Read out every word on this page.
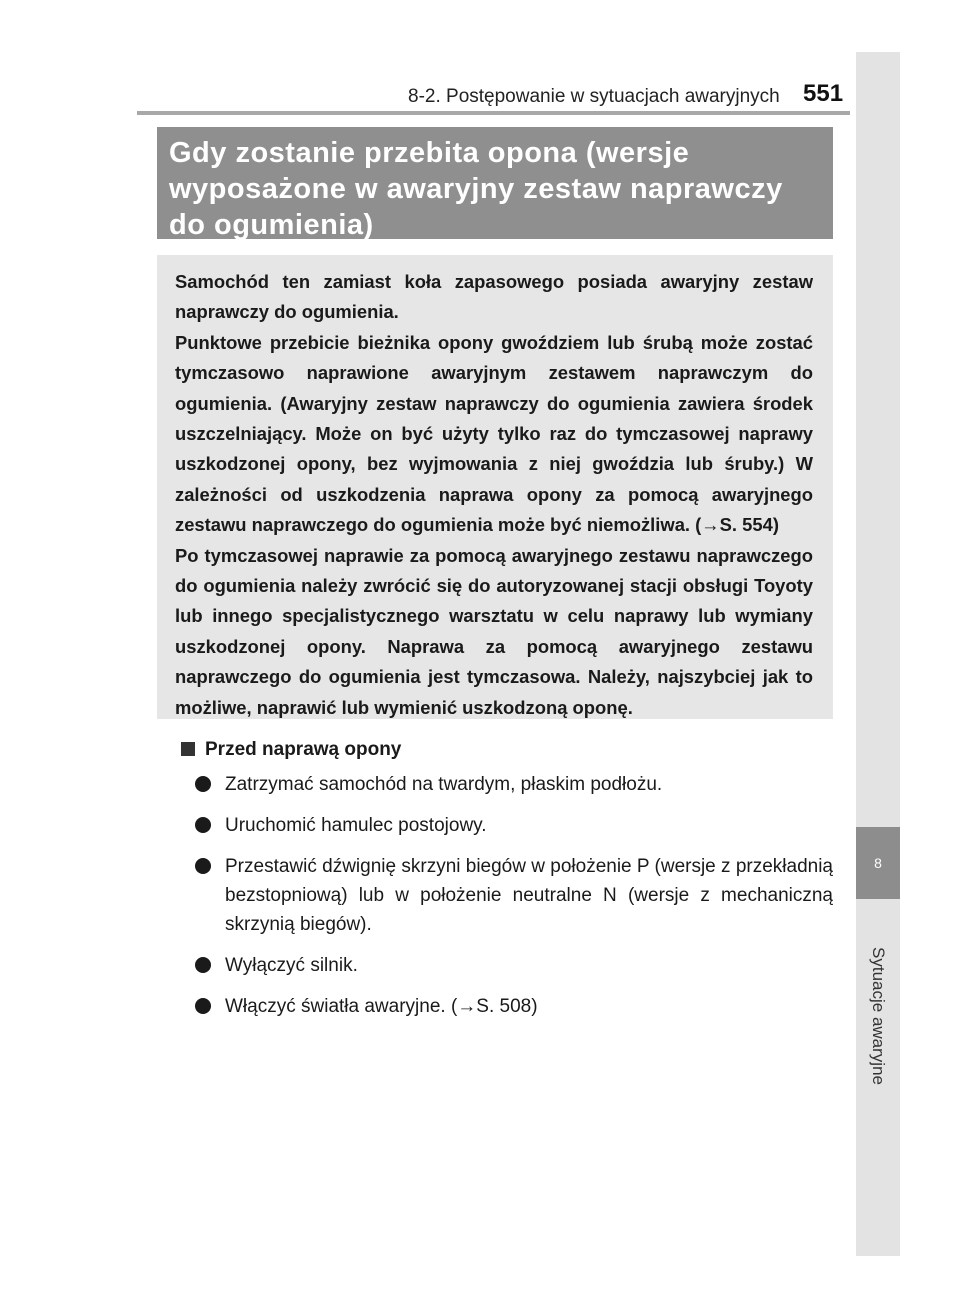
8-2. Postępowanie w sytuacjach awaryjnych 551
8
Sytuacje awaryjne
Gdy zostanie przebita opona (wersje
wyposażone w awaryjny zestaw naprawczy
do ogumienia)

Samochód ten zamiast koła zapasowego posiada awaryjny zestaw naprawczy do ogumienia.

Punktowe przebicie bieżnika opony gwoździem lub śrubą może zostać tymczasowo naprawione awaryjnym zestawem naprawczym do ogumienia. (Awaryjny zestaw naprawczy do ogumienia zawiera środek uszczelniający. Może on być użyty tylko raz do tymczasowej naprawy uszkodzonej opony, bez wyjmowania z niej gwoździa lub śruby.) W zależności od uszkodzenia naprawa opony za pomocą awaryjnego zestawu naprawczego do ogumienia może być niemożliwa. (→S. 554)

Po tymczasowej naprawie za pomocą awaryjnego zestawu naprawczego do ogumienia należy zwrócić się do autoryzowanej stacji obsługi Toyoty lub innego specjalistycznego warsztatu w celu naprawy lub wymiany uszkodzonej opony. Naprawa za pomocą awaryjnego zestawu naprawczego do ogumienia jest tymczasowa. Należy, najszybciej jak to możliwe, naprawić lub wymienić uszkodzoną oponę.

Przed naprawą opony
Zatrzymać samochód na twardym, płaskim podłożu.
Uruchomić hamulec postojowy.
Przestawić dźwignię skrzyni biegów w położenie P (wersje z przekładnią bezstopniową) lub w położenie neutralne N (wersje z mechaniczną skrzynią biegów).
Wyłączyć silnik.
Włączyć światła awaryjne. (→S. 508)
